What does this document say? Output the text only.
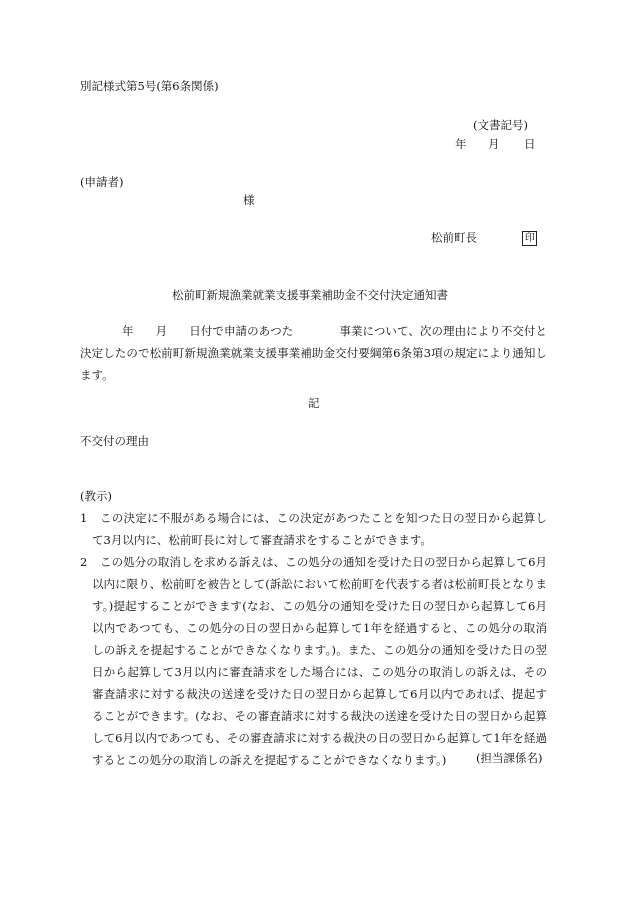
別記様式第5号(第6条関係)
(文書記号)
年 月 日
(申請者)
様
松前町長	印
松前町新規漁業就業支援事業補助金不交付決定通知書
年 月 日付で申請のあつた	事業について、次の理由により不交付と決定したので松前町新規漁業就業支援事業補助金交付要綱第6条第3項の規定により通知します。
記
不交付の理由
(教示)
1	この決定に不服がある場合には、この決定があつたことを知つた日の翌日から起算して3月以内に、松前町長に対して審査請求をすることができます。
2	この処分の取消しを求める訴えは、この処分の通知を受けた日の翌日から起算して6月以内に限り、松前町を被告として(訴訟において松前町を代表する者は松前町長となります。)提起することができます(なお、この処分の通知を受けた日の翌日から起算して6月以内であつても、この処分の日の翌日から起算して1年を経過すると、この処分の取消しの訴えを提起することができなくなります。)。また、この処分の通知を受けた日の翌日から起算して3月以内に審査請求をした場合には、この処分の取消しの訴えは、その審査請求に対する裁決の送達を受けた日の翌日から起算して6月以内であれば、提起することができます。(なお、その審査請求に対する裁決の送達を受けた日の翌日から起算して6月以内であつても、その審査請求に対する裁決の日の翌日から起算して1年を経過するとこの処分の取消しの訴えを提起することができなくなります。)	(担当課係名)
